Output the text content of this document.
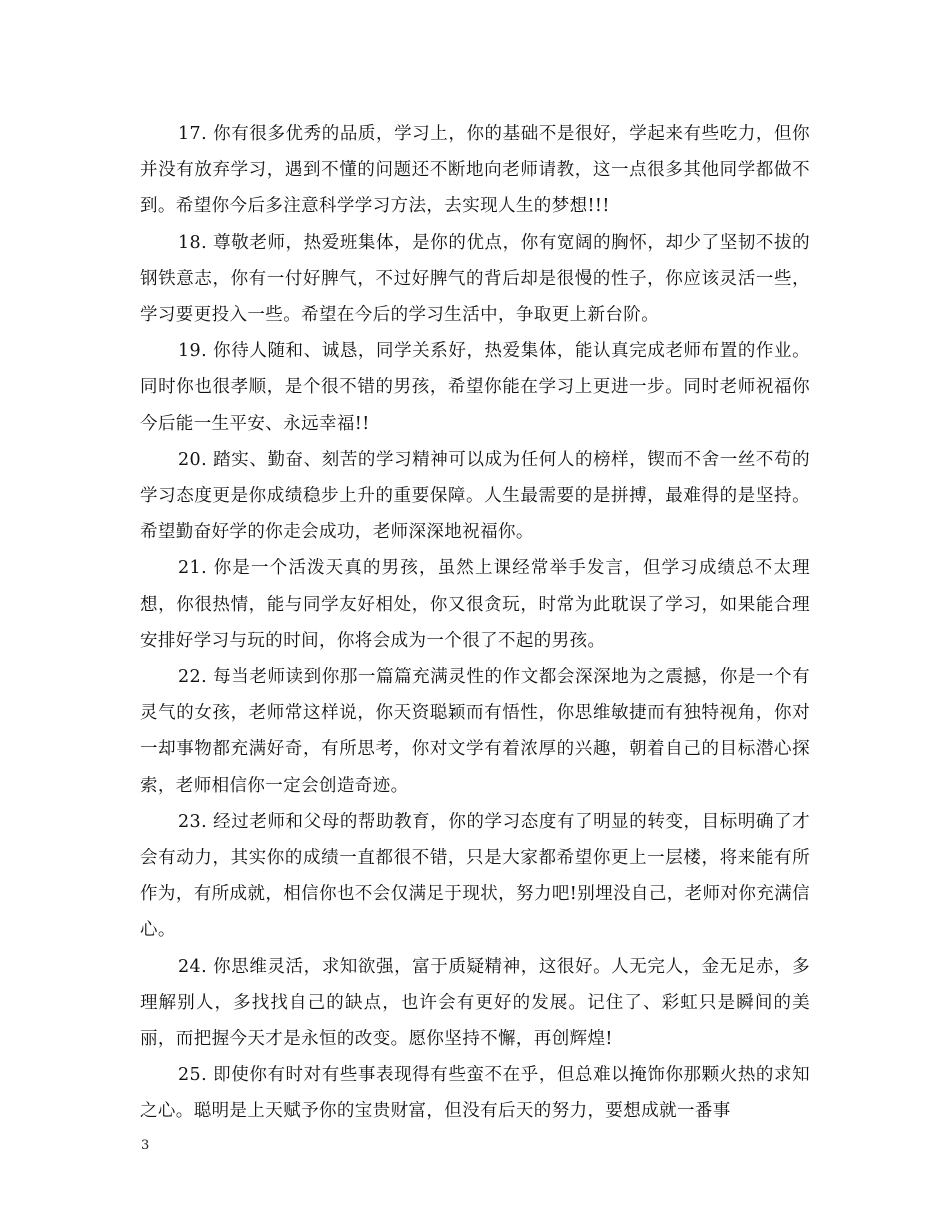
17. 你有很多优秀的品质，学习上，你的基础不是很好，学起来有些吃力，但你并没有放弃学习，遇到不懂的问题还不断地向老师请教，这一点很多其他同学都做不到。希望你今后多注意科学学习方法，去实现人生的梦想!!!

18. 尊敬老师，热爱班集体，是你的优点，你有宽阔的胸怀，却少了坚韧不拔的钢铁意志，你有一付好脾气，不过好脾气的背后却是很慢的性子，你应该灵活一些，学习要更投入一些。希望在今后的学习生活中，争取更上新台阶。

19. 你待人随和、诚恳，同学关系好，热爱集体，能认真完成老师布置的作业。同时你也很孝顺，是个很不错的男孩，希望你能在学习上更进一步。同时老师祝福你今后能一生平安、永远幸福!!

20. 踏实、勤奋、刻苦的学习精神可以成为任何人的榜样，锲而不舍一丝不苟的学习态度更是你成绩稳步上升的重要保障。人生最需要的是拼搏，最难得的是坚持。希望勤奋好学的你走会成功，老师深深地祝福你。

21. 你是一个活泼天真的男孩，虽然上课经常举手发言，但学习成绩总不太理想，你很热情，能与同学友好相处，你又很贪玩，时常为此耽误了学习，如果能合理安排好学习与玩的时间，你将会成为一个很了不起的男孩。

22. 每当老师读到你那一篇篇充满灵性的作文都会深深地为之震撼，你是一个有灵气的女孩，老师常这样说，你天资聪颖而有悟性，你思维敏捷而有独特视角，你对一却事物都充满好奇，有所思考，你对文学有着浓厚的兴趣，朝着自己的目标潜心探索，老师相信你一定会创造奇迹。

23. 经过老师和父母的帮助教育，你的学习态度有了明显的转变，目标明确了才会有动力，其实你的成绩一直都很不错，只是大家都希望你更上一层楼，将来能有所作为，有所成就，相信你也不会仅满足于现状，努力吧!别埋没自己，老师对你充满信心。

24. 你思维灵活，求知欲强，富于质疑精神，这很好。人无完人，金无足赤，多理解别人，多找找自己的缺点，也许会有更好的发展。记住了、彩虹只是瞬间的美丽，而把握今天才是永恒的改变。愿你坚持不懈，再创辉煌!

25. 即使你有时对有些事表现得有些蛮不在乎，但总难以掩饰你那颗火热的求知之心。聪明是上天赋予你的宝贵财富，但没有后天的努力，要想成就一番事

3
